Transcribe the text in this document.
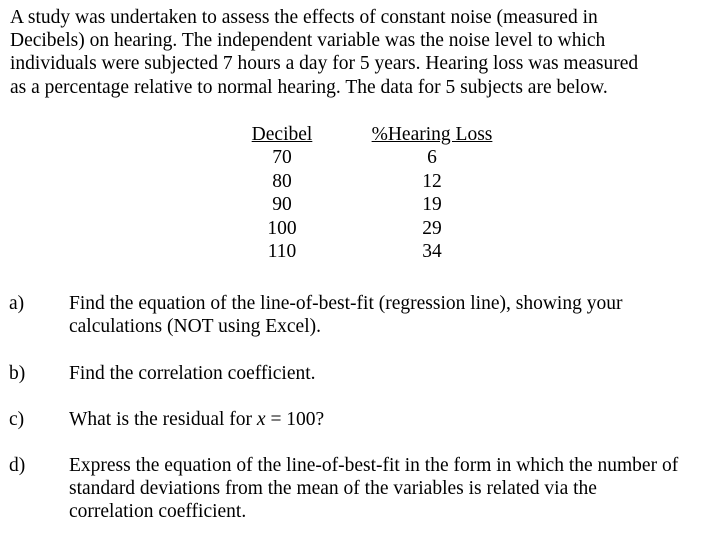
A study was undertaken to assess the effects of constant noise (measured in
Decibels) on hearing. The independent variable was the noise level to which
individuals were subjected 7 hours a day for 5 years. Hearing loss was measured
as a percentage relative to normal hearing. The data for 5 subjects are below.

Decibel
70
80
90
100
110
%Hearing Loss
6
12
19
29
34
a) Find the equation of the line-of-best-fit (regression line), showing your
calculations (NOT using Excel).
b) Find the correlation coefficient.
c) What is the residual for x = 100?
d) Express the equation of the line-of-best-fit in the form in which the number of
standard deviations from the mean of the variables is related via the
correlation coefficient.
